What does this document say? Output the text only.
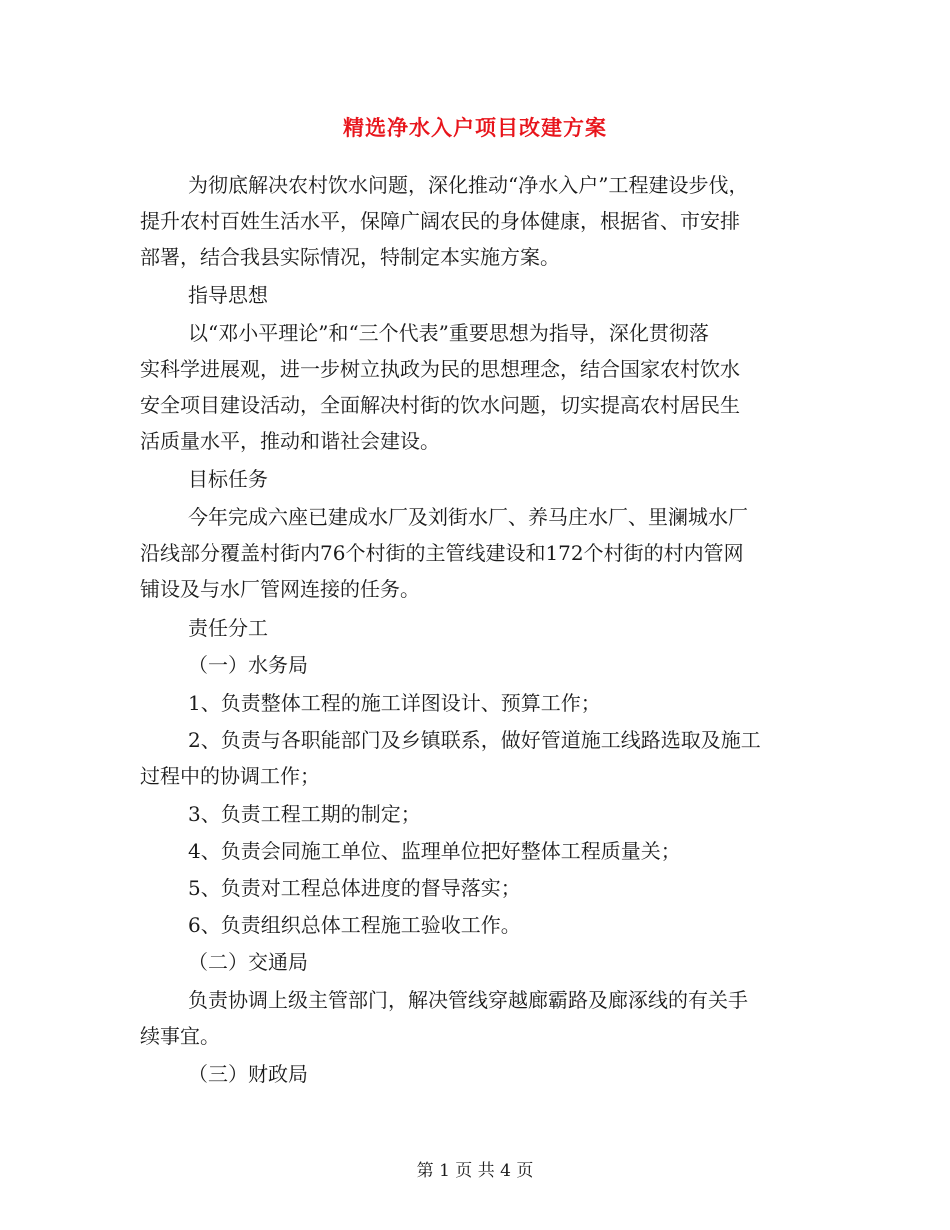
精选净水入户项目改建方案
为彻底解决农村饮水问题，深化推动“净水入户”工程建设步伐，
提升农村百姓生活水平，保障广阔农民的身体健康，根据省、市安排
部署，结合我县实际情况，特制定本实施方案。
指导思想
以“邓小平理论”和“三个代表”重要思想为指导，深化贯彻落
实科学进展观，进一步树立执政为民的思想理念，结合国家农村饮水
安全项目建设活动，全面解决村街的饮水问题，切实提高农村居民生
活质量水平，推动和谐社会建设。
目标任务
今年完成六座已建成水厂及刘街水厂、养马庄水厂、里澜城水厂
沿线部分覆盖村街内76个村街的主管线建设和172个村街的村内管网
铺设及与水厂管网连接的任务。
责任分工
（一）水务局
1、负责整体工程的施工详图设计、预算工作；
2、负责与各职能部门及乡镇联系，做好管道施工线路选取及施工
过程中的协调工作；
3、负责工程工期的制定；
4、负责会同施工单位、监理单位把好整体工程质量关；
5、负责对工程总体进度的督导落实；
6、负责组织总体工程施工验收工作。
（二）交通局
负责协调上级主管部门，解决管线穿越廊霸路及廊涿线的有关手
续事宜。
（三）财政局
第 1 页 共 4 页
